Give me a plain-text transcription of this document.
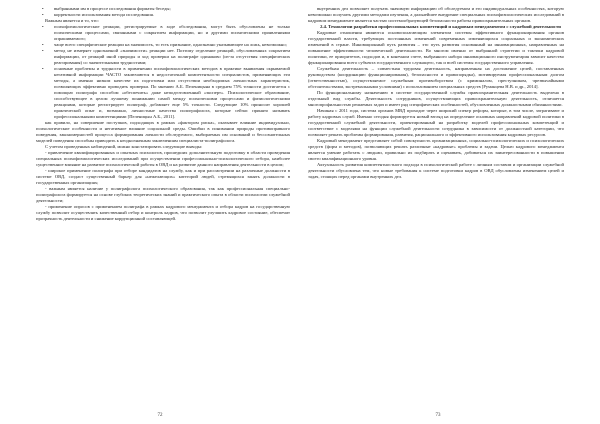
• выбранными им в процессе исследования форматы беседы;

• корректности использования метода исследования.

Важным является и то, что:

• психофизиологические реакции, регистрируемые в ходе обследования, могут быть обусловлены не только психическими процессами, связанными с сокрытием информации, но и другими психическими проявлениями опрашиваемого;

• чаще всего специфические реакции на значимость, то есть признание, однозначно указывающее на ложь, невозможно;

• метод не измеряет однозначной «значимости» реакции нет. Поэтому отделение реакций, обусловленных сокрытием информации, от реакций иной природы и ход проверки на полиграфе одинаково (из-за отсутствия специфических реагирования) со значительными трудностями;

• основные проблемы и трудности в применении психофизиологических методов в практике выявления скрываемой негативной информации ЧАСТО заключаются в недостаточной компетентности специалистов, применяющих эти методы, а именно низком качестве их подготовки или отсутствии необходимых личностных характеристик, позволяющих эффективно проводить проверки. По мнению А.Б. Пеленицына в среднем 75% точности достигается с помощью полиграфа способом «обеспечить» даже неподготовленный «эксперт». Психологическое образование, способствующее в целом лучшему пониманию самой между психическими процессами и физиологическими реакциями, которые регистрирует полиграф, добавляет еще 5% точности. Следующие 10% приносит хорошей практической опыт и, возможно, личностные качества полиграфолога, которые сейчас принято называть профессиональными компетенциями [Пеленицын А.Б., 2011].

как правило, на совершение поступков, подходящих в рамках «фактором риска», оказывает влияние индивидуально, психологические особенности и негативное влияние социальной среды. Ошибки в понимании природы противоправного поведения, закономерностей процесса формирования личности обследуемого, выбираемых им оснований и бессознательных моделей поведения способны приводить к неоднозначным заключениям специалиста-полиграфолога.

С учетом проведенных наблюдений, можно констатировать следующие выводы:

- привлечение квалифицированных и опытных психологов, прошедших дополнительную подготовку в области проведения специальных психофизиологических исследований при осуществлении профессионально-психологического отбора, наиболее существенное влияние на развитие психологической работы в ОВД и на развитие данного направления деятельности в целом;

- широкое применение полиграфа при отборе кандидатов на службу, как и при рассмотрении на различные должности в системе ОВД, создаст существенный барьер для «нежелающих» категорий людей, стремящихся занять должности в государственных организациях;

- важным является наличие у полиграфолога психологического образования, так как профессиональная специально-полиграфолога формируется на основе глубоких теоретических знаний и практического опыта в области психологии служебной деятельности;

- применение опросов с применением полиграфа в рамках кадрового менеджмента и отбора кадров на государственную службу позволит осуществлять качественный отбор и контроль кадров, что позволит улучшить кадровое состояние, обеспечит прозрачность деятельности и снижение коррупционной составляющей.

внутренних дел позволяет получать значимую информацию об обследуемом и его индивидуальных особенностях, которую невозможно получить другими методами изучения, а дальнейшее внедрение специальных психофизиологических исследований в кадровом менеджменте является частью системообразующей безопасности работы правоохранительных органов.

2.4. Технологии разработки профессиональных компетенций и кадровым менеджментом с служебной деятельности

Кадровые отношения являются основополагающим элементом системы эффективного функционирования органов государственной власти, требующих постоянных изменений современных изменяющихся социальных и экономических изменений в стране. Инновационный путь развития – это путь развития основанный на инновационных, направленных на повышение эффективности человеческой деятельности. Во многом именно от выбранной стратегии и тактики кадровой политики, ее приоритетов, подходов и, в конечном счете, выбранного набора инновационного инструментария зависит качество функционирования всего субъекта государственного служащего, так и всей системы государственного управления.

Служебная деятельность – совместная трудовая деятельность, направленная на достижение целей, поставленных руководством (координацию функционирования), безопасности и правопорядка), мотивируемая профессиональным долгом (ответственностью), осуществляемое служебным противоборством (с криминалом, преступником, чрезвычайными обстоятельствами, экстремальными условиями) с использованием специальных средств [Руманцева Н.В. и др., 2014].

По функциональному назначению в системе государственной службы правоохранительная деятельность выделена в отдельный вид службы. Деятельность сотрудников, осуществляющих правоохранительную деятельность, отличается многопрофильностью решаемых задач и имеет ряд специфических особенностей, обусловленных должностными обязанностями.

Начиная с 2011 года, система органов МВД проходит через широкий спектр реформ, которые, в том числе, затрагивают и работу кадровых служб. Именно сегодня формируется новый взгляд на определение основных направлений кадровой политики в государственной служебной деятельности, ориентированный на разработку моделей профессиональных компетенций и соответствие с моделями на функции служебной деятельности сотрудника в зависимости от должностной категории, что позволяет решать проблемы формирования, развития, рационального и эффективного использования кадровых ресурсов.

Кадровый менеджмент представляет собой совокупность организационных, социально-психологических и психологических средств (форм и методов), позволяющих решать различные «кадровые» проблемы и задачи. Целью кадрового менеджмента является умение работать с людьми, правильно их подбирать и оценивать, добиваться их заинтересованности в повышении своего квалификационного уровня.

Актуальность развития компетентностного подхода в психологической работе с личным составом и организации служебной деятельности обусловлена тем, что новые требования к системе подготовки кадров в ОВД обусловлены изменением целей и задач, стоящих перед органами внутренних дел.

72	73
